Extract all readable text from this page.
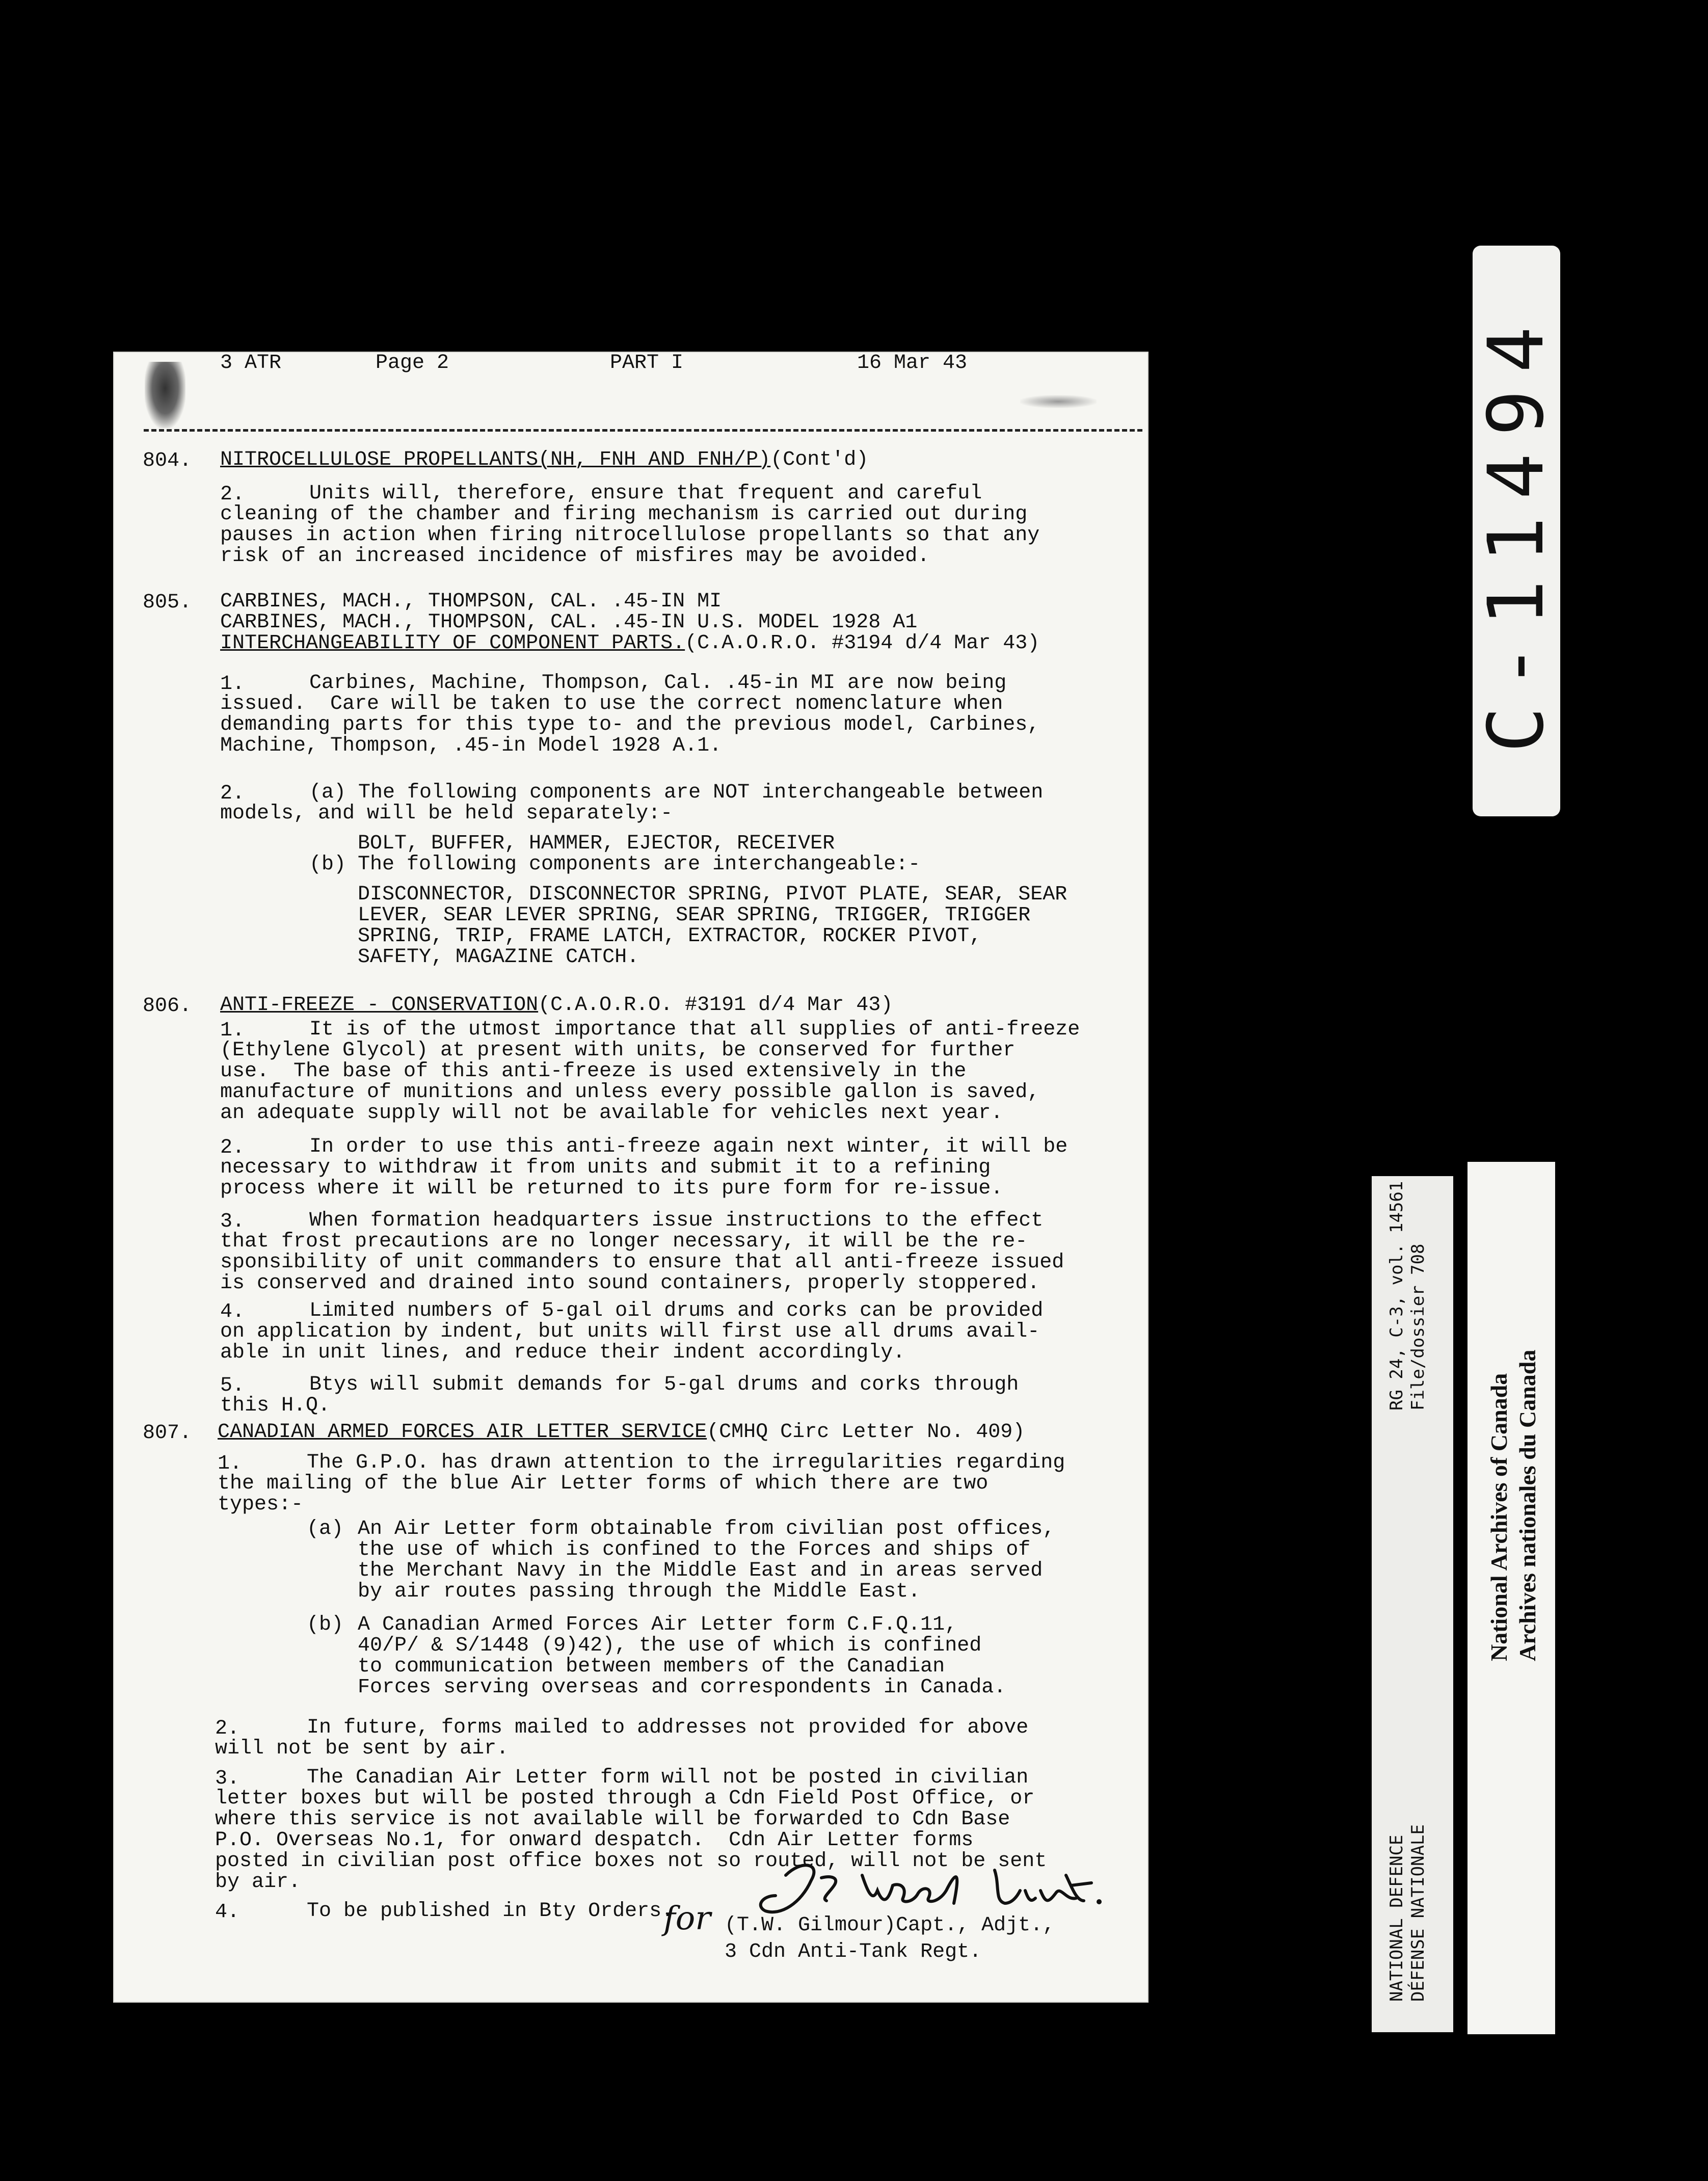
3 ATR	Page 2	PART I	16 Mar 43
804. NITROCELLULOSE PROPELLANTS(NH, FNH AND FNH/P)(Cont'd)
2.	Units will, therefore, ensure that frequent and careful
cleaning of the chamber and firing mechanism is carried out during
pauses in action when firing nitrocellulose propellants so that any
risk of an increased incidence of misfires may be avoided.
805. CARBINES, MACH., THOMPSON, CAL. .45-IN MI
CARBINES, MACH., THOMPSON, CAL. .45-IN U.S. MODEL 1928 A1
INTERCHANGEABILITY OF COMPONENT PARTS.(C.A.O.R.O. #3194 d/4 Mar 43)
1.	Carbines, Machine, Thompson, Cal. .45-in MI are now being
issued.  Care will be taken to use the correct nomenclature when
demanding parts for this type to- and the previous model, Carbines,
Machine, Thompson, .45-in Model 1928 A.1.
2.	(a) The following components are NOT interchangeable between
models, and will be held separately:-
BOLT, BUFFER, HAMMER, EJECTOR, RECEIVER
(b) The following components are interchangeable:-
DISCONNECTOR, DISCONNECTOR SPRING, PIVOT PLATE, SEAR, SEAR
LEVER, SEAR LEVER SPRING, SEAR SPRING, TRIGGER, TRIGGER
SPRING, TRIP, FRAME LATCH, EXTRACTOR, ROCKER PIVOT,
SAFETY, MAGAZINE CATCH.
806. ANTI-FREEZE - CONSERVATION(C.A.O.R.O. #3191 d/4 Mar 43)
1.	It is of the utmost importance that all supplies of anti-freeze
(Ethylene Glycol) at present with units, be conserved for further
use.  The base of this anti-freeze is used extensively in the
manufacture of munitions and unless every possible gallon is saved,
an adequate supply will not be available for vehicles next year.
2.	In order to use this anti-freeze again next winter, it will be
necessary to withdraw it from units and submit it to a refining
process where it will be returned to its pure form for re-issue.
3.	When formation headquarters issue instructions to the effect
that frost precautions are no longer necessary, it will be the re-
sponsibility of unit commanders to ensure that all anti-freeze issued
is conserved and drained into sound containers, properly stoppered.
4.	Limited numbers of 5-gal oil drums and corks can be provided
on application by indent, but units will first use all drums avail-
able in unit lines, and reduce their indent accordingly.
5.	Btys will submit demands for 5-gal drums and corks through
this H.Q.
807. CANADIAN ARMED FORCES AIR LETTER SERVICE(CMHQ Circ Letter No. 409)
1.	The G.P.O. has drawn attention to the irregularities regarding
the mailing of the blue Air Letter forms of which there are two
types:-
(a) An Air Letter form obtainable from civilian post offices,
the use of which is confined to the Forces and ships of
the Merchant Navy in the Middle East and in areas served
by air routes passing through the Middle East.
(b) A Canadian Armed Forces Air Letter form C.F.Q.11,
40/P/ & S/1448 (9)42), the use of which is confined
to communication between members of the Canadian
Forces serving overseas and correspondents in Canada.
2.	In future, forms mailed to addresses not provided for above
will not be sent by air.
3.	The Canadian Air Letter form will not be posted in civilian
letter boxes but will be posted through a Cdn Field Post Office, or
where this service is not available will be forwarded to Cdn Base
P.O. Overseas No.1, for onward despatch.  Cdn Air Letter forms
posted in civilian post office boxes not so routed, will not be sent
by air.
4.	To be published in Bty Orders.
for (T.W. Gilmour)Capt., Adjt.,
3 Cdn Anti-Tank Regt.
C-11494
RG 24, C-3, vol. 14561 File/dossier 708
NATIONAL DEFENCE DÉFENSE NATIONALE
National Archives of Canada Archives nationales du Canada
